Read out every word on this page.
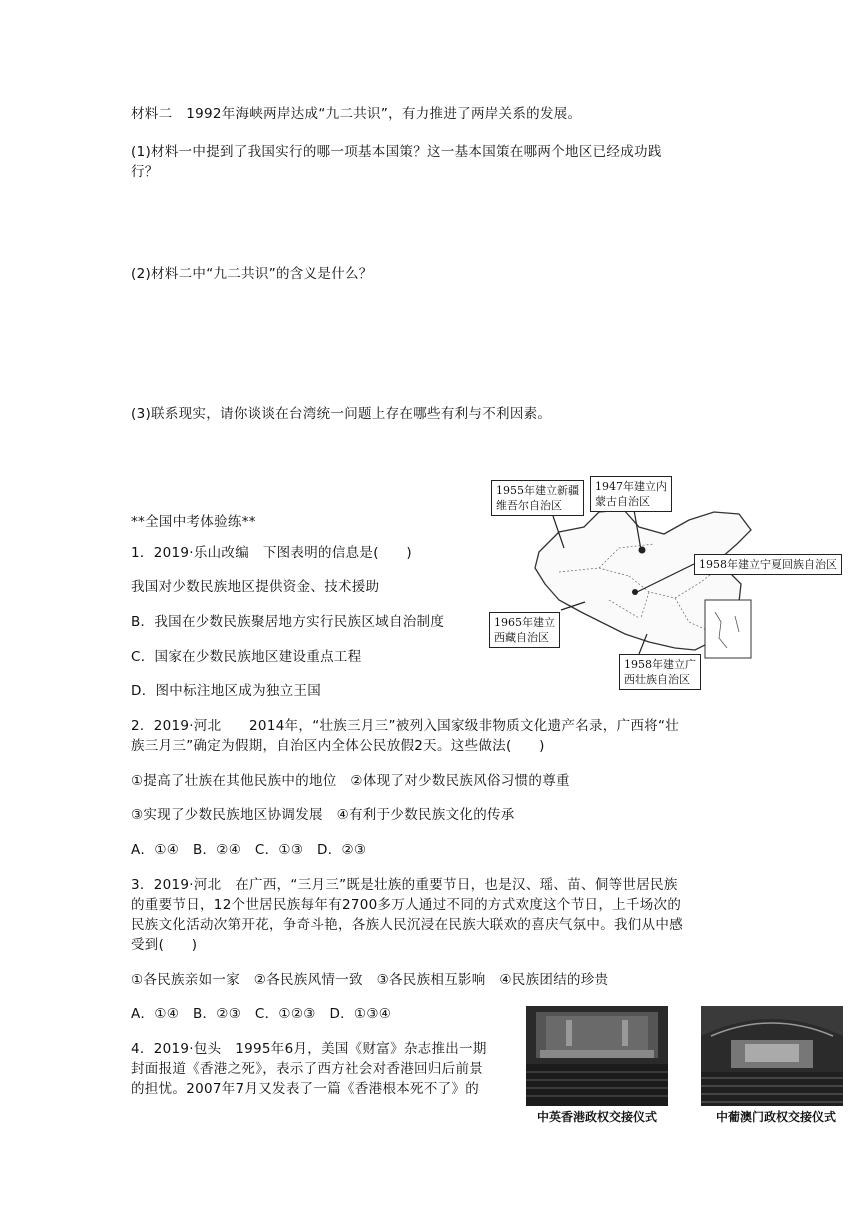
材料二　1992年海峡两岸达成“九二共识”，有力推进了两岸关系的发展。
(1)材料一中提到了我国实行的哪一项基本国策？这一基本国策在哪两个地区已经成功践
行？
(2)材料二中“九二共识”的含义是什么？
(3)联系现实，请你谈谈在台湾统一问题上存在哪些有利与不利因素。
**全国中考体验练**
1．2019·乐山改编　下图表明的信息是(　　)
我国对少数民族地区提供资金、技术援助
B．我国在少数民族聚居地方实行民族区域自治制度
C．国家在少数民族地区建设重点工程
D．图中标注地区成为独立王国
2．2019·河北　　2014年，“壮族三月三”被列入国家级非物质文化遗产名录，广西将“壮
族三月三”确定为假期，自治区内全体公民放假2天。这些做法(　　)
①提高了壮族在其他民族中的地位　②体现了对少数民族风俗习惯的尊重
③实现了少数民族地区协调发展　④有利于少数民族文化的传承
A．①④　B．②④　C．①③　D．②③
3．2019·河北　在广西，“三月三”既是壮族的重要节日，也是汉、瑶、苗、侗等世居民族
的重要节日，12个世居民族每年有2700多万人通过不同的方式欢度这个节日，上千场次的
民族文化活动次第开花，争奇斗艳，各族人民沉浸在民族大联欢的喜庆气氛中。我们从中感
受到(　　)
①各民族亲如一家　②各民族风情一致　③各民族相互影响　④民族团结的珍贵
A．①④　B．②③　C．①②③　D．①③④
4．2019·包头　1995年6月，美国《财富》杂志推出一期
封面报道《香港之死》，表示了西方社会对香港回归后前景
的担忧。2007年7月又发表了一篇《香港根本死不了》的
1955年建立新疆
维吾尔自治区
1947年建立内
蒙古自治区
1958年建立宁夏回族自治区
1965年建立
西藏自治区
1958年建立广
西壮族自治区
中英香港政权交接仪式	中葡澳门政权交接仪式
